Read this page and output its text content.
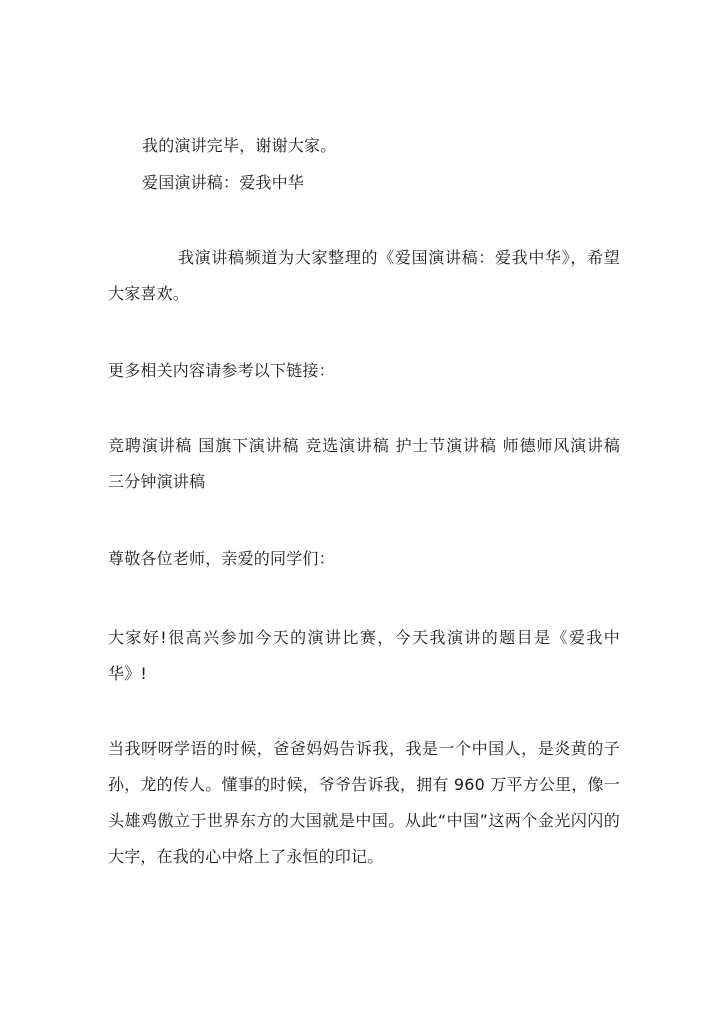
我的演讲完毕，谢谢大家。
爱国演讲稿：爱我中华
我演讲稿频道为大家整理的《爱国演讲稿：爱我中华》，希望大家喜欢。
更多相关内容请参考以下链接：
竞聘演讲稿 国旗下演讲稿 竞选演讲稿 护士节演讲稿 师德师风演讲稿 三分钟演讲稿
尊敬各位老师，亲爱的同学们：
大家好!很高兴参加今天的演讲比赛，今天我演讲的题目是《爱我中华》!
当我呀呀学语的时候，爸爸妈妈告诉我，我是一个中国人，是炎黄的子孙，龙的传人。懂事的时候，爷爷告诉我，拥有 960 万平方公里，像一头雄鸡傲立于世界东方的大国就是中国。从此“中国”这两个金光闪闪的大字，在我的心中烙上了永恒的印记。
